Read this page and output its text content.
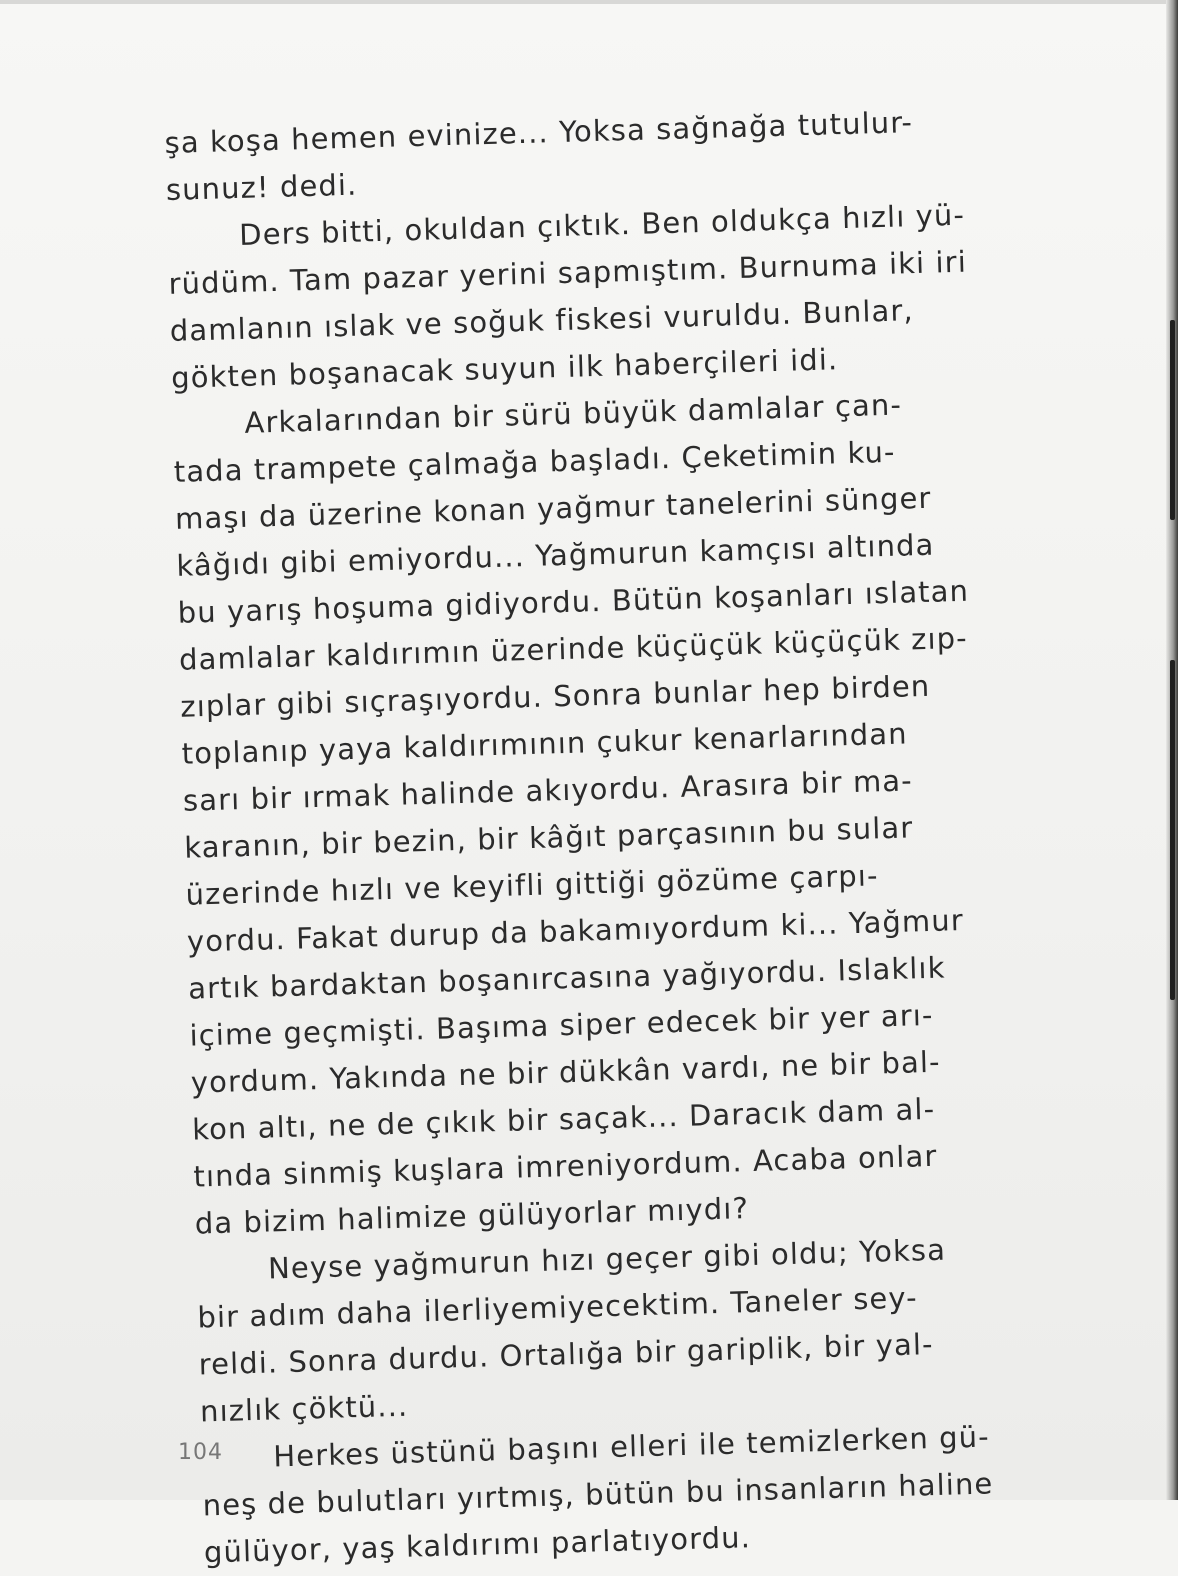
şa koşa hemen evinize... Yoksa sağnağa tutulur-
sunuz! dedi.
Ders bitti, okuldan çıktık. Ben oldukça hızlı yü-
rüdüm. Tam pazar yerini sapmıştım. Burnuma iki iri
damlanın ıslak ve soğuk fiskesi vuruldu. Bunlar,
gökten boşanacak suyun ilk haberçileri idi.
Arkalarından bir sürü büyük damlalar çan-
tada trampete çalmağa başladı. Çeketimin ku-
maşı da üzerine konan yağmur tanelerini sünger
kâğıdı gibi emiyordu... Yağmurun kamçısı altında
bu yarış hoşuma gidiyordu. Bütün koşanları ıslatan
damlalar kaldırımın üzerinde küçüçük küçüçük zıp-
zıplar gibi sıçraşıyordu. Sonra bunlar hep birden
toplanıp yaya kaldırımının çukur kenarlarından
sarı bir ırmak halinde akıyordu. Arasıra bir ma-
karanın, bir bezin, bir kâğıt parçasının bu sular
üzerinde hızlı ve keyifli gittiği gözüme çarpı-
yordu. Fakat durup da bakamıyordum ki... Yağmur
artık bardaktan boşanırcasına yağıyordu. Islaklık
içime geçmişti. Başıma siper edecek bir yer arı-
yordum. Yakında ne bir dükkân vardı, ne bir bal-
kon altı, ne de çıkık bir saçak... Daracık dam al-
tında sinmiş kuşlara imreniyordum. Acaba onlar
da bizim halimize gülüyorlar mıydı?
Neyse yağmurun hızı geçer gibi oldu; Yoksa
bir adım daha ilerliyemiyecektim. Taneler sey-
reldi. Sonra durdu. Ortalığa bir gariplik, bir yal-
nızlık çöktü...
Herkes üstünü başını elleri ile temizlerken gü-
neş de bulutları yırtmış, bütün bu insanların haline
gülüyor, yaş kaldırımı parlatıyordu.
104
